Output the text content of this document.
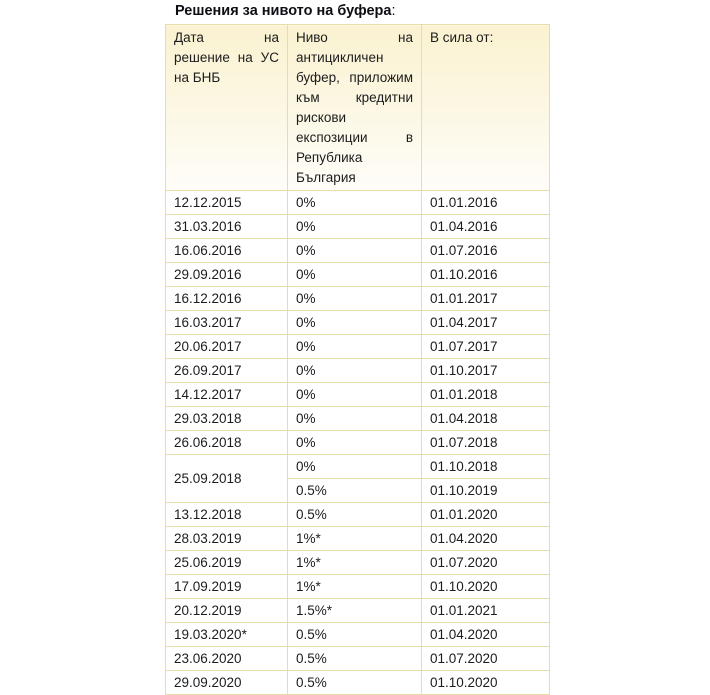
Решения за нивото на буфера:
Дата на решение на УС на БНБ	Ниво на антицикличен буфер, приложим към кредитни рискови експозиции в Република България	В сила от:
12.12.2015	0%	01.01.2016
31.03.2016	0%	01.04.2016
16.06.2016	0%	01.07.2016
29.09.2016	0%	01.10.2016
16.12.2016	0%	01.01.2017
16.03.2017	0%	01.04.2017
20.06.2017	0%	01.07.2017
26.09.2017	0%	01.10.2017
14.12.2017	0%	01.01.2018
29.03.2018	0%	01.04.2018
26.06.2018	0%	01.07.2018
25.09.2018	0%	01.10.2018
	0.5%	01.10.2019
13.12.2018	0.5%	01.01.2020
28.03.2019	1%*	01.04.2020
25.06.2019	1%*	01.07.2020
17.09.2019	1%*	01.10.2020
20.12.2019	1.5%*	01.01.2021
19.03.2020*	0.5%	01.04.2020
23.06.2020	0.5%	01.07.2020
29.09.2020	0.5%	01.10.2020
